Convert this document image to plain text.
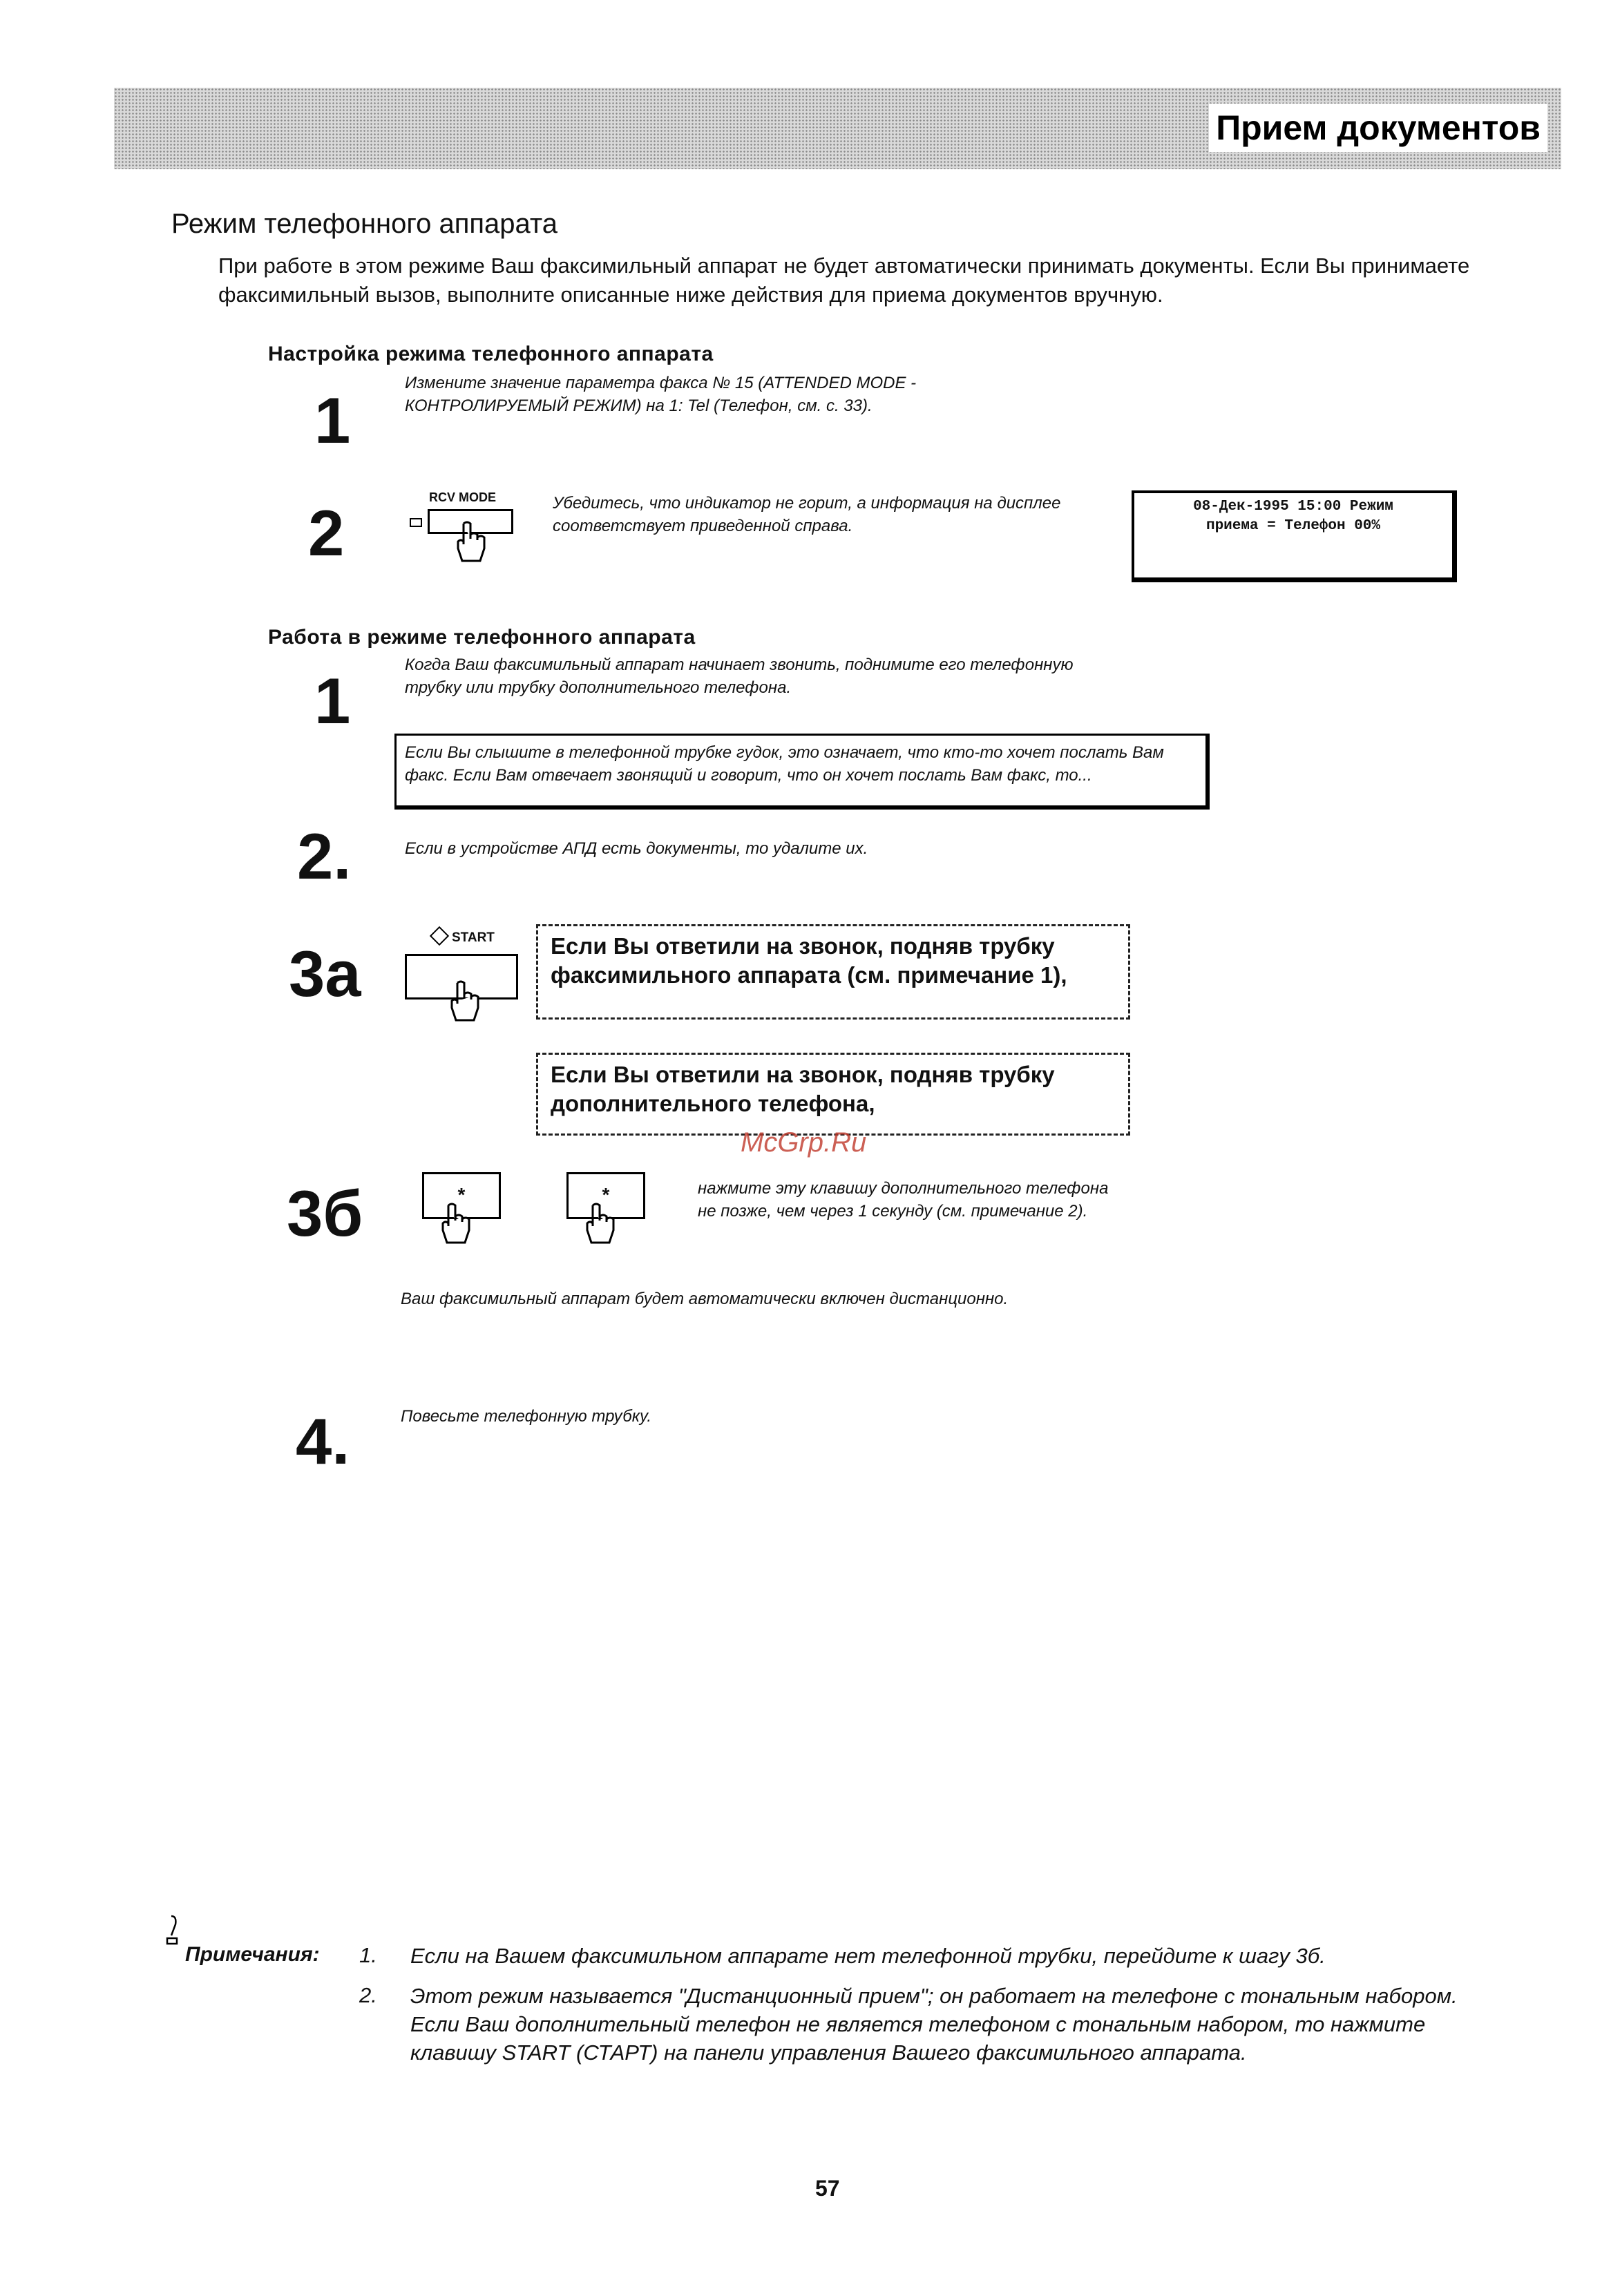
Прием документов
Режим телефонного аппарата
При работе в этом режиме Ваш факсимильный аппарат не будет автоматически принимать документы. Если Вы принимаете факсимильный вызов, выполните описанные ниже действия для приема документов вручную.
Настройка режима телефонного аппарата
1
Измените значение параметра факса № 15 (ATTENDED MODE - КОНТРОЛИРУЕМЫЙ РЕЖИМ) на 1: Tel (Телефон, см. с. 33).
2	RCV MODE	Убедитесь, что индикатор не горит, а информация на дисплее соответствует приведенной справа.
08-Дек-1995 15:00 Режим
приема = Телефон 00%
Работа в режиме телефонного аппарата
1	Когда Ваш факсимильный аппарат начинает звонить, поднимите его телефонную трубку или трубку дополнительного телефона.
Если Вы слышите в телефонной трубке гудок, это означает, что кто-то хочет послать Вам факс. Если Вам отвечает звонящий и говорит, что он хочет послать Вам факс, то...
2.	Если в устройстве АПД есть документы, то удалите их.
3a	START Если Вы ответили на звонок, подняв трубку факсимильного аппарата (см. примечание 1),
Если Вы ответили на звонок, подняв трубку дополнительного телефона,
McGrp.Ru
3б	*	*	нажмите эту клавишу дополнительного телефона не позже, чем через 1 секунду (см. примечание 2).
Ваш факсимильный аппарат будет автоматически включен дистанционно.
4.	Повесьте телефонную трубку.
Примечания: 1. Если на Вашем факсимильном аппарате нет телефонной трубки, перейдите к шагу 3б.
2. Этот режим называется "Дистанционный прием"; он работает на телефоне с тональным набором. Если Ваш дополнительный телефон не является телефоном с тональным набором, то нажмите клавишу START (СТАРТ) на панели управления Вашего факсимильного аппарата.
57
